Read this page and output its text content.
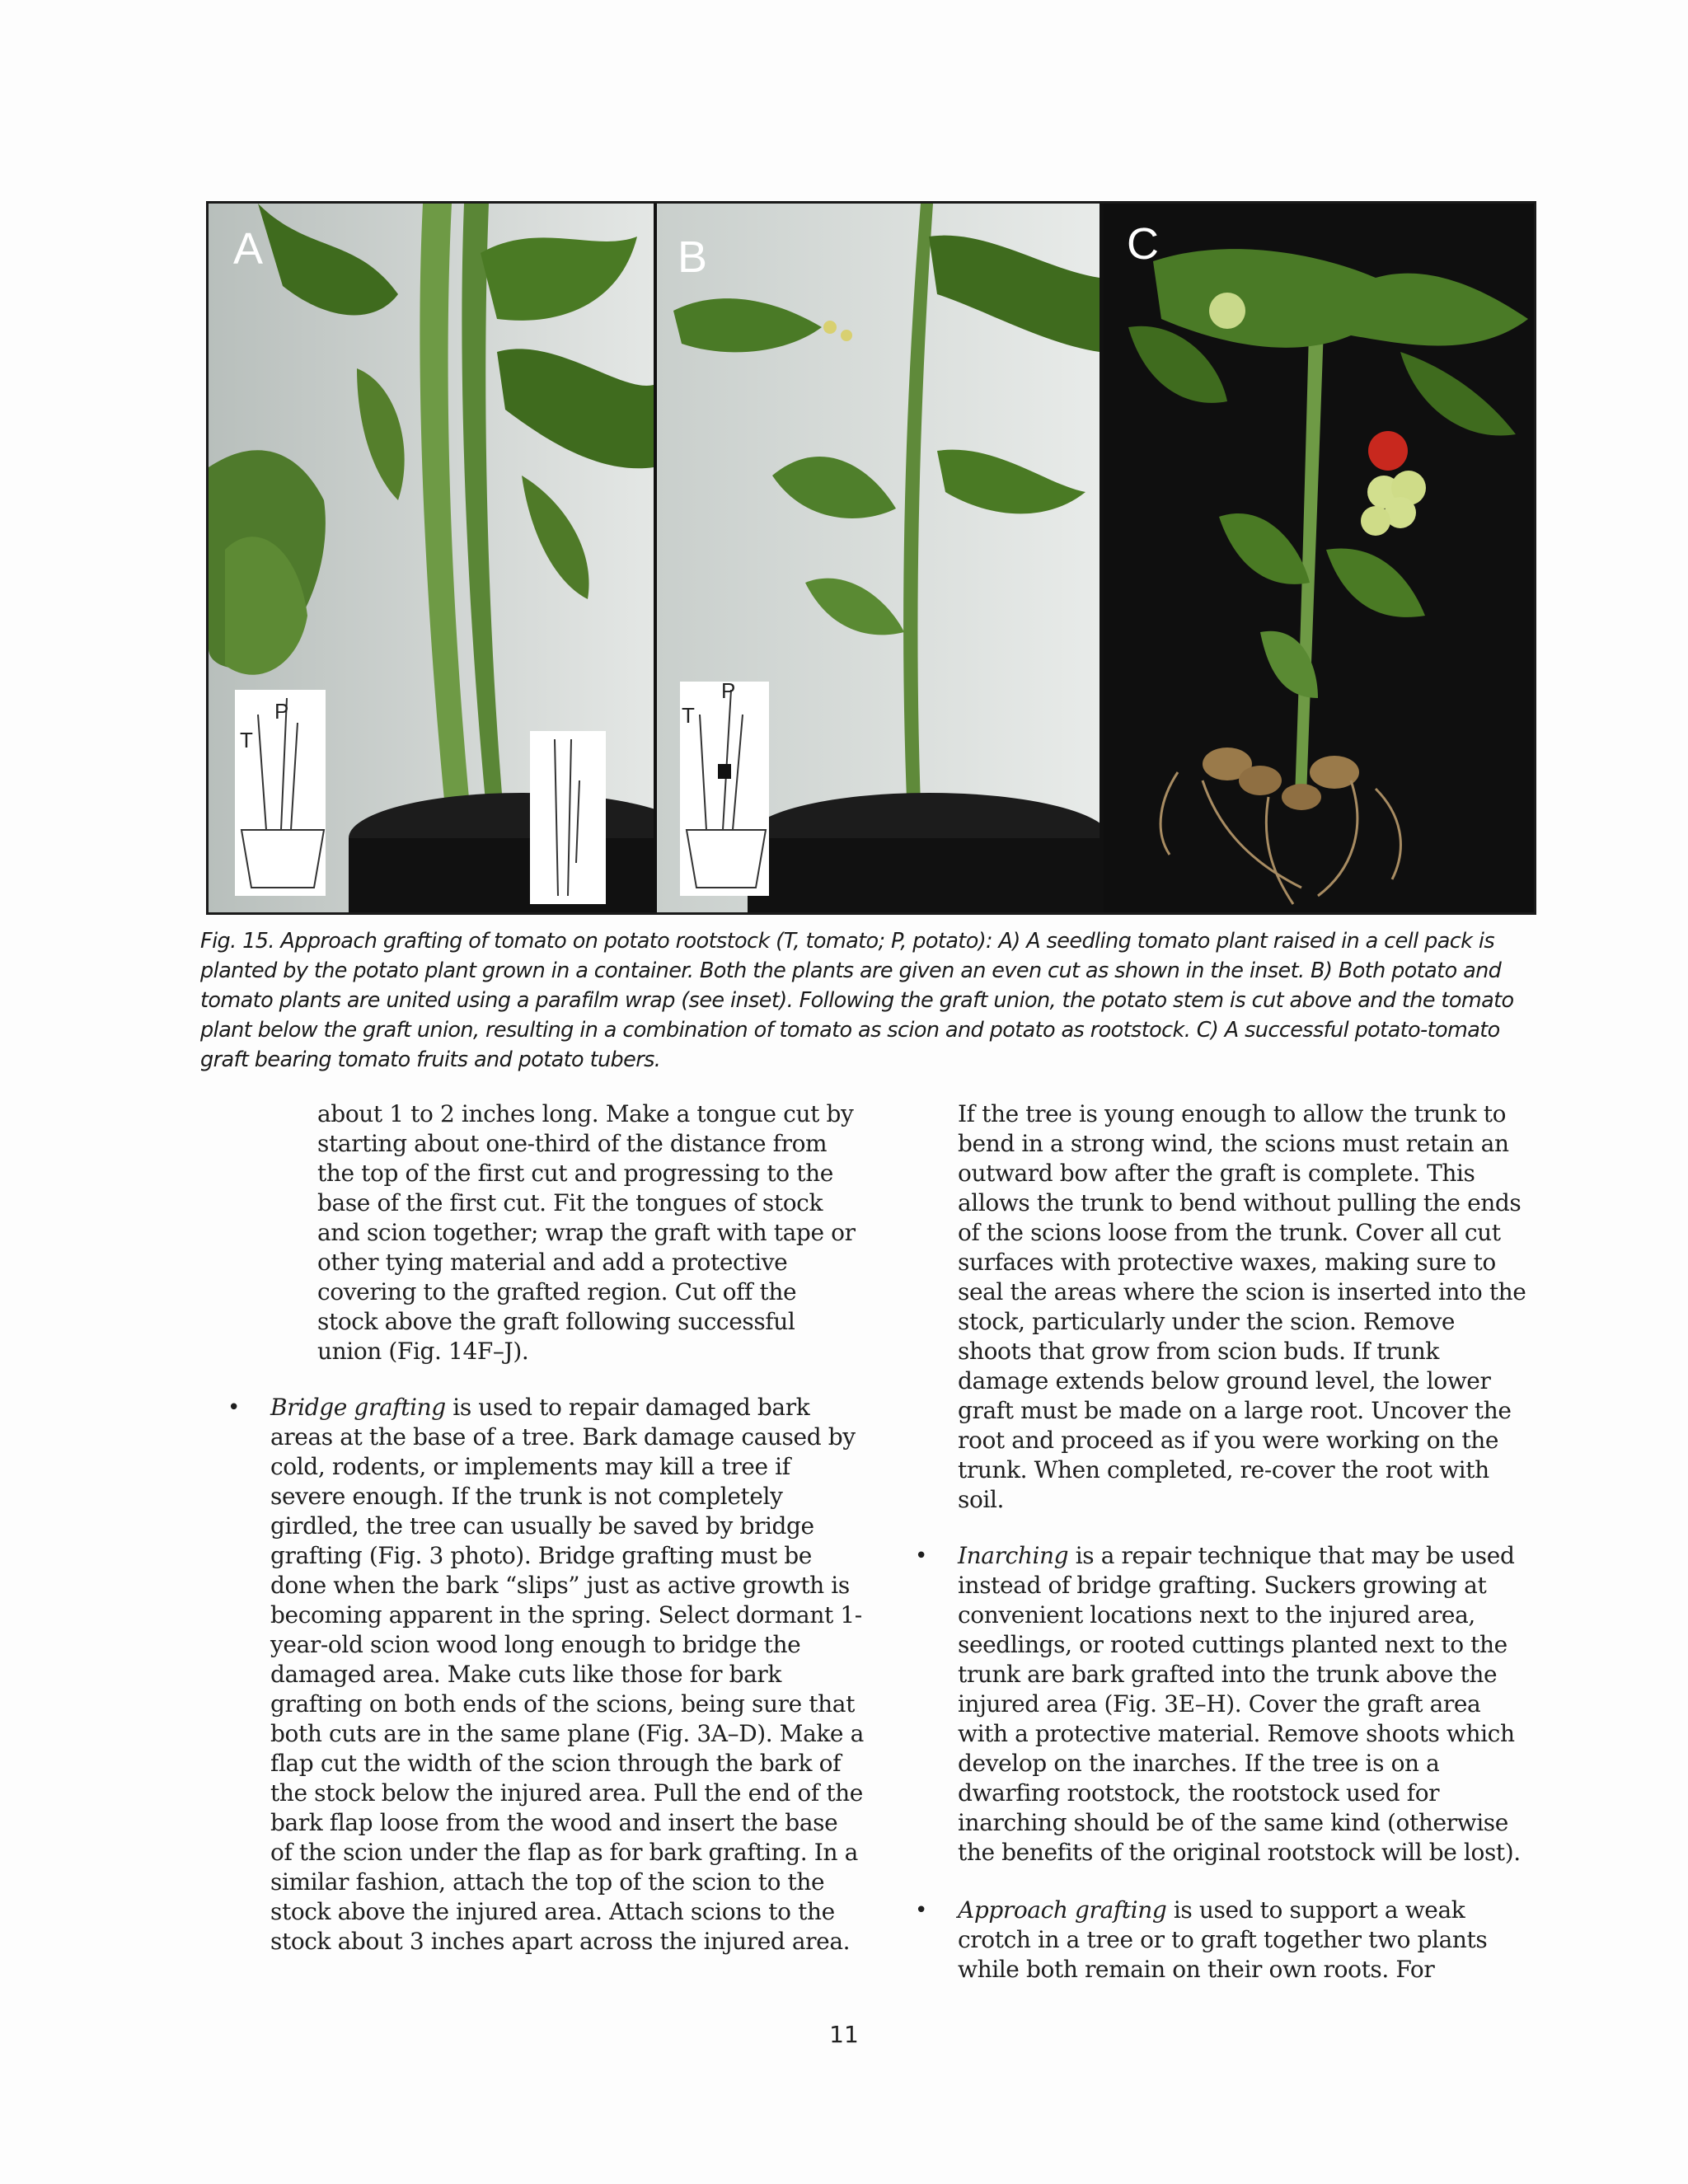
P
T
A
P
T
B	C
Fig. 15. Approach grafting of tomato on potato rootstock (T, tomato; P, potato): A) A seedling tomato plant raised in a cell pack is planted by the potato plant grown in a container. Both the plants are given an even cut as shown in the inset. B) Both potato and tomato plants are united using a parafilm wrap (see inset). Following the graft union, the potato stem is cut above and the tomato plant below the graft union, resulting in a combination of tomato as scion and potato as rootstock. C) A successful potato-tomato graft bearing tomato fruits and potato tubers.

about 1 to 2 inches long. Make a tongue cut by starting about one-third of the distance from the top of the first cut and progressing to the base of the first cut. Fit the tongues of stock and scion together; wrap the graft with tape or other tying material and add a protective covering to the grafted region. Cut off the stock above the graft following successful union (Fig. 14F–J).

• Bridge grafting is used to repair damaged bark areas at the base of a tree. Bark damage caused by cold, rodents, or implements may kill a tree if severe enough. If the trunk is not completely girdled, the tree can usually be saved by bridge grafting (Fig. 3 photo). Bridge grafting must be done when the bark “slips” just as active growth is becoming apparent in the spring. Select dormant 1-year-old scion wood long enough to bridge the damaged area. Make cuts like those for bark grafting on both ends of the scions, being sure that both cuts are in the same plane (Fig. 3A–D). Make a flap cut the width of the scion through the bark of the stock below the injured area. Pull the end of the bark flap loose from the wood and insert the base of the scion under the flap as for bark grafting. In a similar fashion, attach the top of the scion to the stock above the injured area. Attach scions to the stock about 3 inches apart across the injured area.

If the tree is young enough to allow the trunk to bend in a strong wind, the scions must retain an outward bow after the graft is complete. This allows the trunk to bend without pulling the ends of the scions loose from the trunk. Cover all cut surfaces with protective waxes, making sure to seal the areas where the scion is inserted into the stock, particularly under the scion. Remove shoots that grow from scion buds. If trunk damage extends below ground level, the lower graft must be made on a large root. Uncover the root and proceed as if you were working on the trunk. When completed, re-cover the root with soil.

• Inarching is a repair technique that may be used instead of bridge grafting. Suckers growing at convenient locations next to the injured area, seedlings, or rooted cuttings planted next to the trunk are bark grafted into the trunk above the injured area (Fig. 3E–H). Cover the graft area with a protective material. Remove shoots which develop on the inarches. If the tree is on a dwarfing rootstock, the rootstock used for inarching should be of the same kind (otherwise the benefits of the original rootstock will be lost).
• Approach grafting is used to support a weak crotch in a tree or to graft together two plants while both remain on their own roots. For
11
